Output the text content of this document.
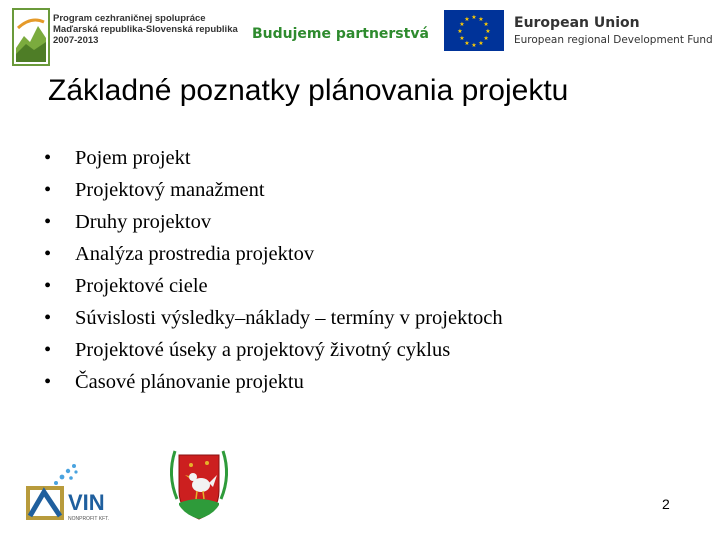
Program cezhraničnej spolupráce
Maďarská republika-Slovenská republika
2007-2013	Budujeme partnerstvá
★ ★
★
★
★
★
★
★
★
★
★
★	European Union
European regional Development Fund
Základné poznatky plánovania projektu
•	Pojem projekt
•	Projektový manažment
•	Druhy projektov
•	Analýza prostredia projektov
•	Projektové ciele
•	Súvislosti výsledky–náklady – termíny v projektoch
•	Projektové úseky a projektový životný cyklus
•	Časové plánovanie projektu
VIN
NONPROFIT KFT.
2
